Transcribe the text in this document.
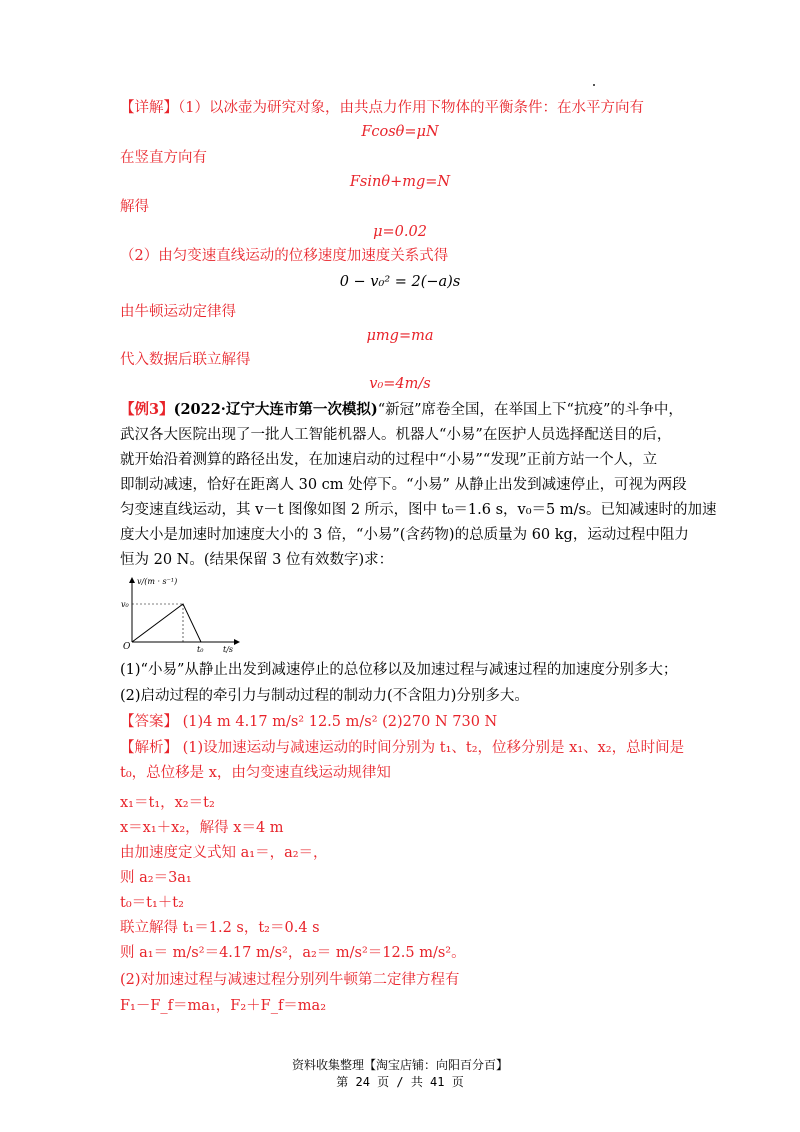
【详解】（1）以冰壶为研究对象，由共点力作用下物体的平衡条件：在水平方向有
Fcosθ=μN
在竖直方向有
Fsinθ+mg=N
解得
μ=0.02
（2）由匀变速直线运动的位移速度加速度关系式得
0 − v₀² = 2(−a)s
由牛顿运动定律得
μmg=ma
代入数据后联立解得
v₀=4m/s
【例3】(2022·辽宁大连市第一次模拟)“新冠”席卷全国，在举国上下“抗疫”的斗争中，
武汉各大医院出现了一批人工智能机器人。机器人“小易”在医护人员选择配送目的后，
就开始沿着测算的路径出发，在加速启动的过程中“小易”“发现”正前方站一个人，立
即制动减速，恰好在距离人 30 cm 处停下。“小易” 从静止出发到减速停止，可视为两段
匀变速直线运动，其 v－t 图像如图 2 所示，图中 t₀＝1.6 s，v₀＝5 m/s。已知减速时的加速
度大小是加速时加速度大小的 3 倍，“小易”(含药物)的总质量为 60 kg，运动过程中阻力
恒为 20 N。(结果保留 3 位有效数字)求：
v/(m · s⁻¹)
v₀
O	t₀ t/s
(1)“小易”从静止出发到减速停止的总位移以及加速过程与减速过程的加速度分别多大；
(2)启动过程的牵引力与制动过程的制动力(不含阻力)分别多大。
【答案】 (1)4 m 4.17 m/s² 12.5 m/s² (2)270 N 730 N
【解析】 (1)设加速运动与减速运动的时间分别为 t₁、t₂，位移分别是 x₁、x₂，总时间是
t₀，总位移是 x，由匀变速直线运动规律知
x₁＝t₁，x₂＝t₂
x＝x₁＋x₂，解得 x＝4 m
由加速度定义式知 a₁＝，a₂＝，
则 a₂＝3a₁
t₀＝t₁＋t₂
联立解得 t₁＝1.2 s，t₂＝0.4 s
则 a₁＝ m/s²＝4.17 m/s²，a₂＝ m/s²＝12.5 m/s²。
(2)对加速过程与减速过程分别列牛顿第二定律方程有
F₁－F_f＝ma₁，F₂＋F_f＝ma₂
资料收集整理【淘宝店铺：向阳百分百】
第 24 页 / 共 41 页
